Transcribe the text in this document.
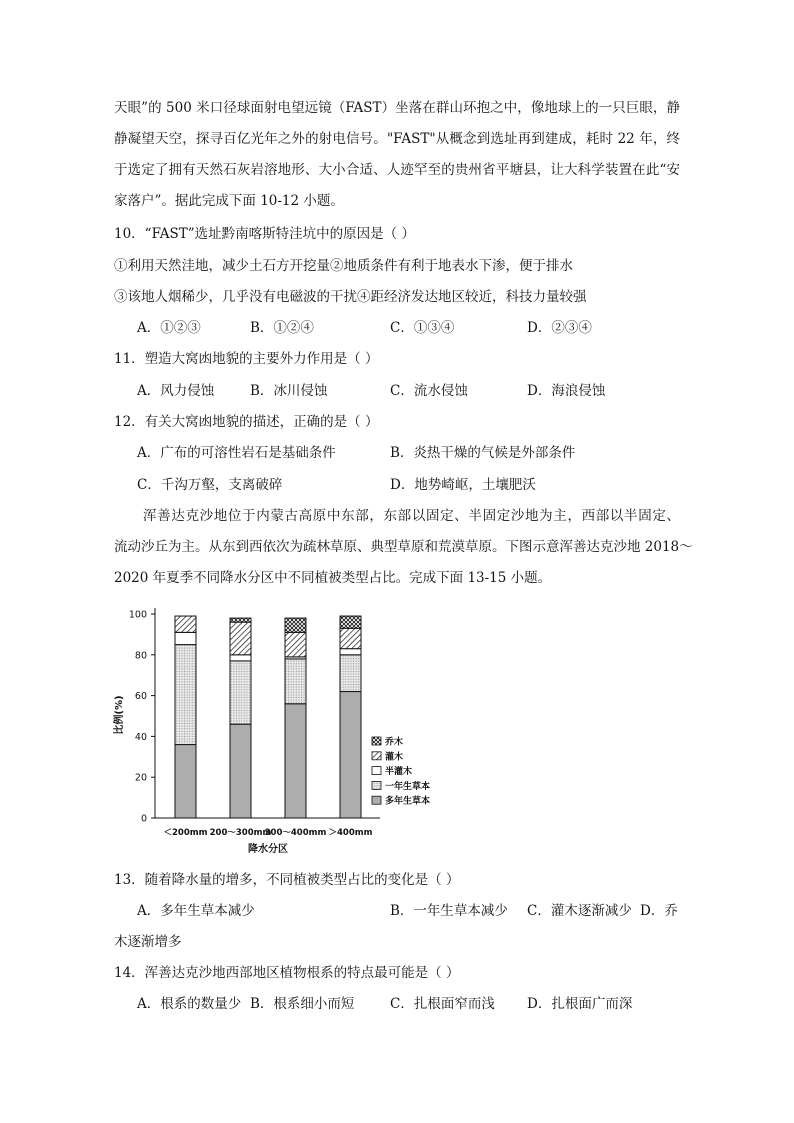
天眼”的 500 米口径球面射电望远镜（FAST）坐落在群山环抱之中，像地球上的一只巨眼，静
静凝望天空，探寻百亿光年之外的射电信号。"FAST"从概念到选址再到建成，耗时 22 年，终
于选定了拥有天然石灰岩溶地形、大小合适、人迹罕至的贵州省平塘县，让大科学装置在此“安
家落户”。据此完成下面 10-12 小题。
10．“FAST”选址黔南喀斯特洼坑中的原因是（ ）
①利用天然洼地，减少土石方开挖量②地质条件有利于地表水下渗，便于排水
③该地人烟稀少，几乎没有电磁波的干扰④距经济发达地区较近，科技力量较强
A．①②③	B．①②④	C．①③④	D．②③④
11．塑造大窝凼地貌的主要外力作用是（ ）
A．风力侵蚀	B．冰川侵蚀	C．流水侵蚀	D．海浪侵蚀
12．有关大窝凼地貌的描述，正确的是（ ）
A．广布的可溶性岩石是基础条件	B．炎热干燥的气候是外部条件
C．千沟万壑，支离破碎	D．地势崎岖，土壤肥沃
浑善达克沙地位于内蒙古高原中东部，东部以固定、半固定沙地为主，西部以半固定、
流动沙丘为主。从东到西依次为疏林草原、典型草原和荒漠草原。下图示意浑善达克沙地 2018～
2020 年夏季不同降水分区中不同植被类型占比。完成下面 13-15 小题。
比例(%)
降水分区
0
20
40
60
80
100
＜200mm 200～300mm
300～400mm ＞400mm
乔木
灌木
半灌木
一年生草本
多年生草本
13．随着降水量的增多，不同植被类型占比的变化是（ ）
A．多年生草本减少	B．一年生草本减少 C．灌木逐渐减少 D．乔木逐渐增多
14．浑善达克沙地西部地区植物根系的特点最可能是（ ）
A．根系的数量少 B．根系细小而短	C．扎根面窄而浅 D．扎根面广而深
